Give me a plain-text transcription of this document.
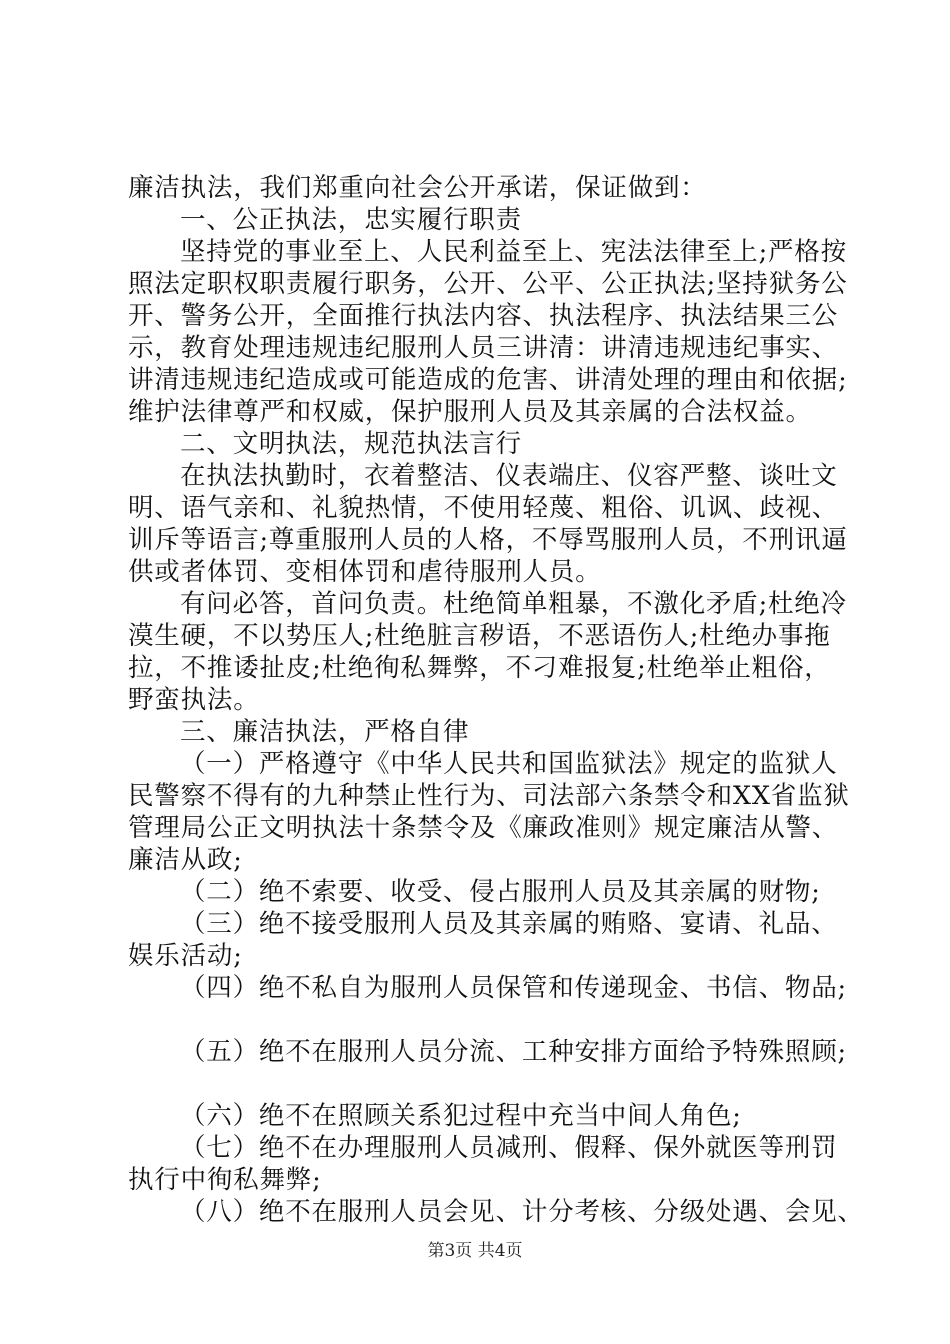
廉洁执法，我们郑重向社会公开承诺，保证做到：
一、公正执法，忠实履行职责
坚持党的事业至上、人民利益至上、宪法法律至上;严格按
照法定职权职责履行职务，公开、公平、公正执法;坚持狱务公
开、警务公开，全面推行执法内容、执法程序、执法结果三公
示，教育处理违规违纪服刑人员三讲清：讲清违规违纪事实、
讲清违规违纪造成或可能造成的危害、讲清处理的理由和依据;
维护法律尊严和权威，保护服刑人员及其亲属的合法权益。
二、文明执法，规范执法言行
在执法执勤时，衣着整洁、仪表端庄、仪容严整、谈吐文
明、语气亲和、礼貌热情，不使用轻蔑、粗俗、讥讽、歧视、
训斥等语言;尊重服刑人员的人格，不辱骂服刑人员，不刑讯逼
供或者体罚、变相体罚和虐待服刑人员。
有问必答，首问负责。杜绝简单粗暴，不激化矛盾;杜绝冷
漠生硬，不以势压人;杜绝脏言秽语，不恶语伤人;杜绝办事拖
拉，不推诿扯皮;杜绝徇私舞弊，不刁难报复;杜绝举止粗俗，
野蛮执法。
三、廉洁执法，严格自律
（一）严格遵守《中华人民共和国监狱法》规定的监狱人
民警察不得有的九种禁止性行为、司法部六条禁令和XX省监狱
管理局公正文明执法十条禁令及《廉政准则》规定廉洁从警、
廉洁从政;
（二）绝不索要、收受、侵占服刑人员及其亲属的财物;
（三）绝不接受服刑人员及其亲属的贿赂、宴请、礼品、
娱乐活动;
（四）绝不私自为服刑人员保管和传递现金、书信、物品;
（五）绝不在服刑人员分流、工种安排方面给予特殊照顾;
（六）绝不在照顾关系犯过程中充当中间人角色;
（七）绝不在办理服刑人员减刑、假释、保外就医等刑罚
执行中徇私舞弊;
（八）绝不在服刑人员会见、计分考核、分级处遇、会见、
第3页 共4页
